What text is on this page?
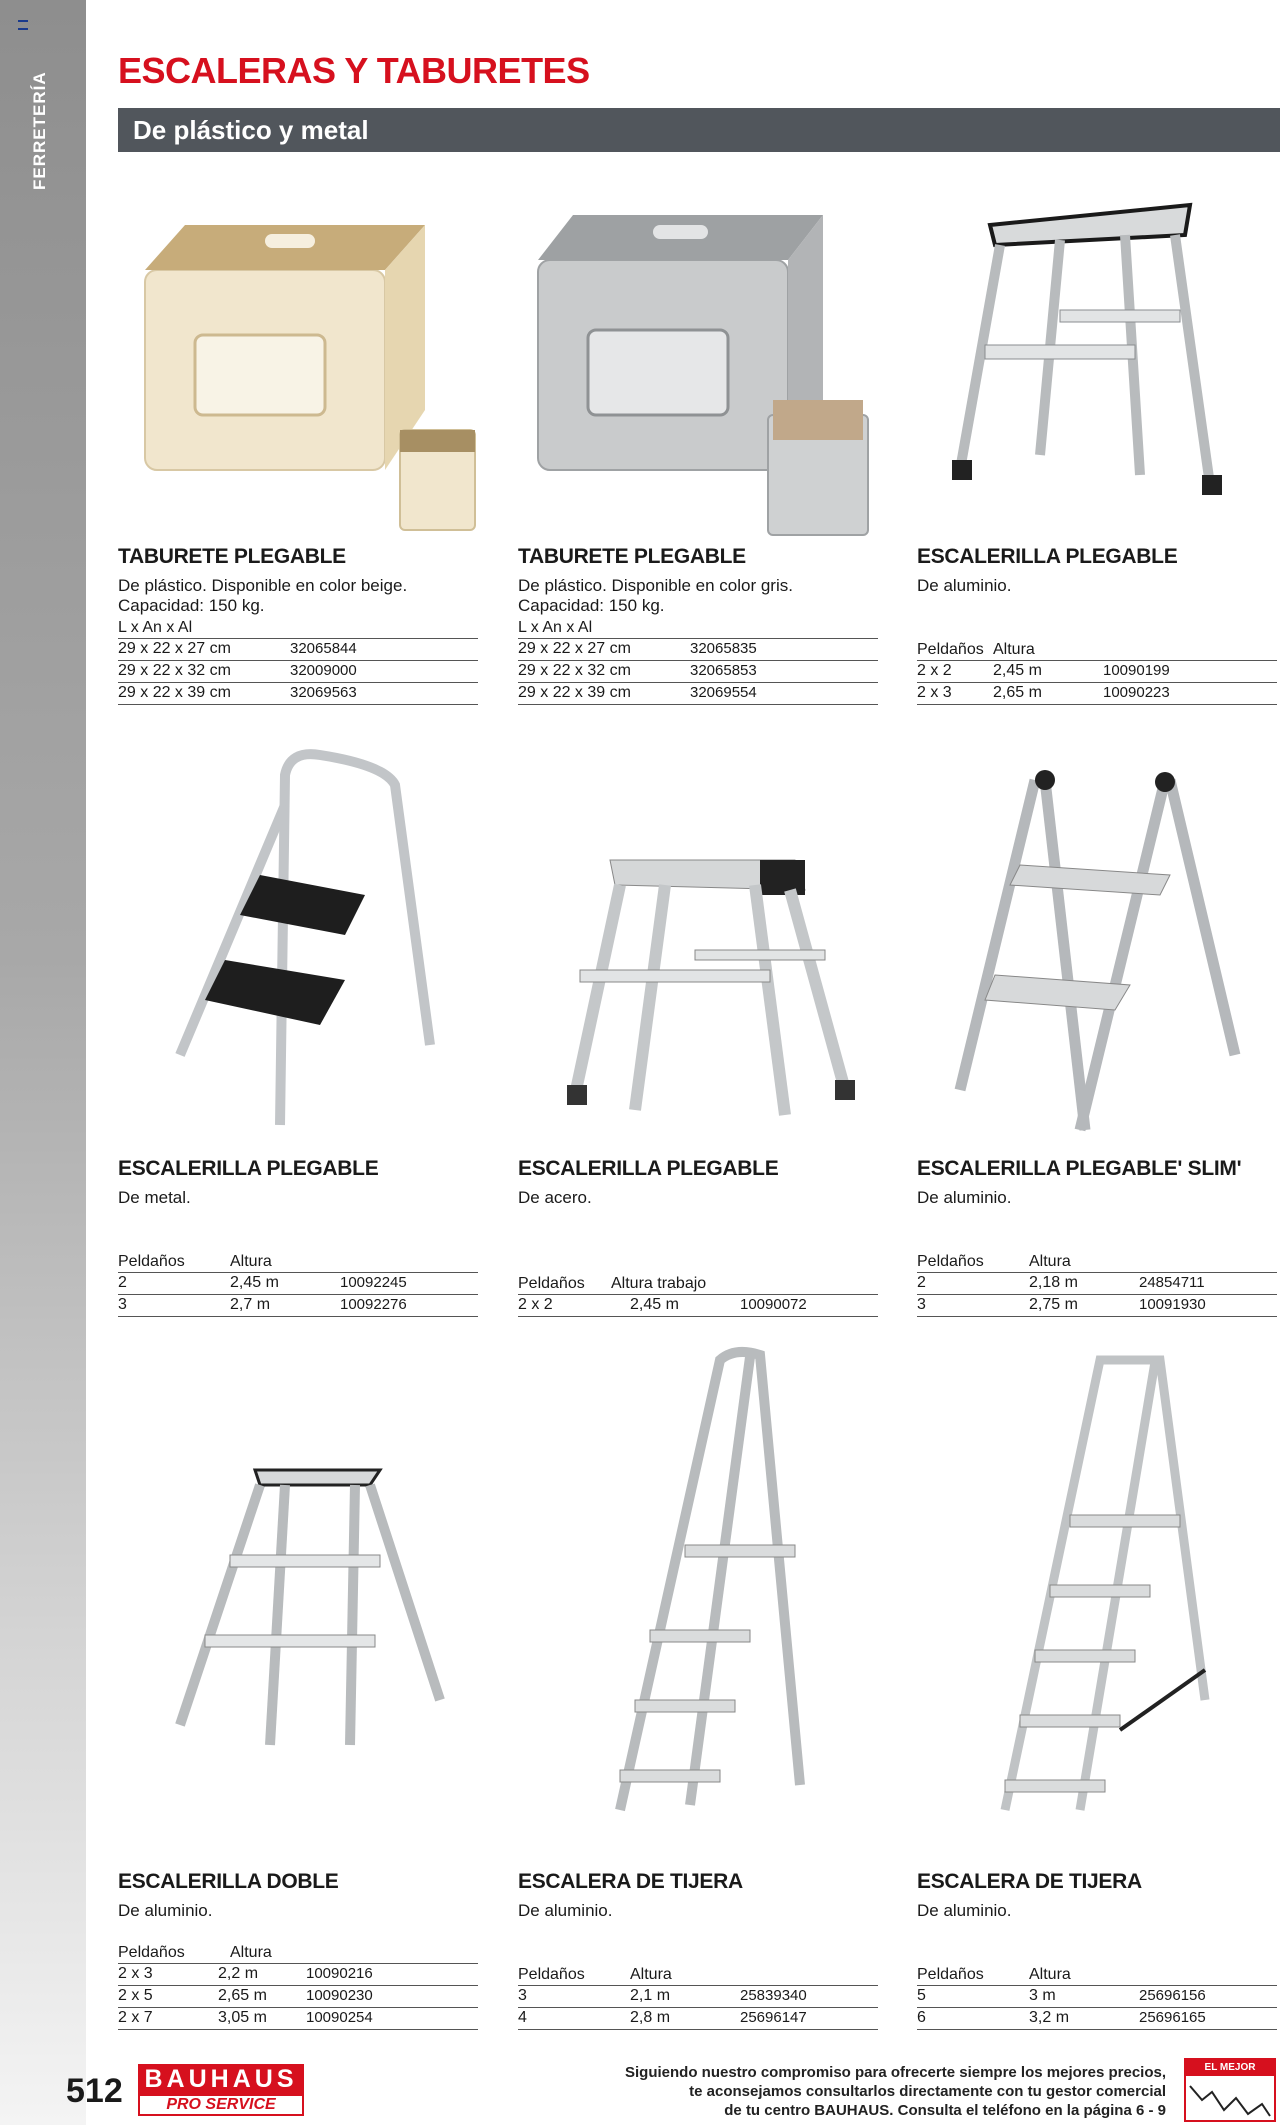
FERRETERÍA
ESCALERAS Y TABURETES
De plástico y metal
TABURETE PLEGABLE
De plástico. Disponible en color beige.
Capacidad: 150 kg.
L x An x Al
29 x 22 x 27 cm	32065844
29 x 22 x 32 cm	32009000
29 x 22 x 39 cm	32069563
TABURETE PLEGABLE
De plástico. Disponible en color gris.
Capacidad: 150 kg.
L x An x Al
29 x 22 x 27 cm	32065835
29 x 22 x 32 cm	32065853
29 x 22 x 39 cm	32069554
ESCALERILLA PLEGABLE
De aluminio.
Peldaños Altura
2 x 2	2,45 m	10090199
2 x 3	2,65 m	10090223
ESCALERILLA PLEGABLE
De metal.
Peldaños	Altura
2	2,45 m	10092245
3	2,7 m	10092276
ESCALERILLA PLEGABLE
De acero.
Peldaños Altura trabajo
2 x 2	2,45 m	10090072
ESCALERILLA PLEGABLE' SLIM'
De aluminio.
Peldaños	Altura
2	2,18 m	24854711
3	2,75 m	10091930
ESCALERILLA DOBLE
De aluminio.
Peldaños	Altura
2 x 3	2,2 m	10090216
2 x 5	2,65 m	10090230
2 x 7	3,05 m	10090254
ESCALERA DE TIJERA
De aluminio.
Peldaños	Altura
3	2,1 m	25839340
4	2,8 m	25696147
ESCALERA DE TIJERA
De aluminio.
Peldaños	Altura
5	3 m	25696156
6	3,2 m	25696165
512 BAUHAUS
PRO SERVICE
Siguiendo nuestro compromiso para ofrecerte siempre los mejores precios,
te aconsejamos consultarlos directamente con tu gestor comercial
de tu centro BAUHAUS. Consulta el teléfono en la página 6 - 9
EL MEJOR PRECIO
